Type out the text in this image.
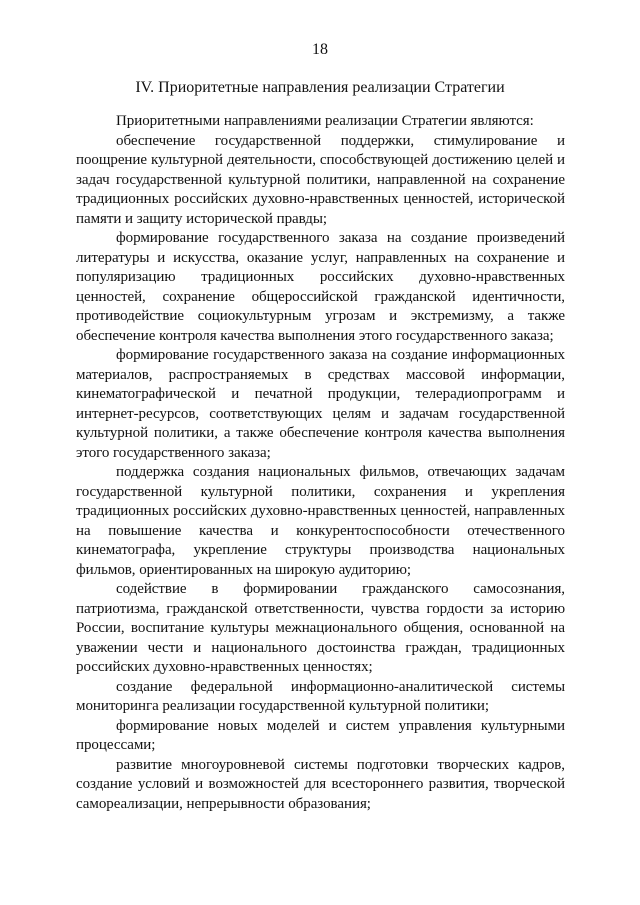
18
IV. Приоритетные направления реализации Стратегии

Приоритетными направлениями реализации Стратегии являются:

обеспечение государственной поддержки, стимулирование и поощрение культурной деятельности, способствующей достижению целей и задач государственной культурной политики, направленной на сохранение традиционных российских духовно-нравственных ценностей, исторической памяти и защиту исторической правды;

формирование государственного заказа на создание произведений литературы и искусства, оказание услуг, направленных на сохранение и популяризацию традиционных российских духовно-нравственных ценностей, сохранение общероссийской гражданской идентичности, противодействие социокультурным угрозам и экстремизму, а также обеспечение контроля качества выполнения этого государственного заказа;

формирование государственного заказа на создание информационных материалов, распространяемых в средствах массовой информации, кинематографической и печатной продукции, телерадиопрограмм и интернет-ресурсов, соответствующих целям и задачам государственной культурной политики, а также обеспечение контроля качества выполнения этого государственного заказа;

поддержка создания национальных фильмов, отвечающих задачам государственной культурной политики, сохранения и укрепления традиционных российских духовно-нравственных ценностей, направленных на повышение качества и конкурентоспособности отечественного кинематографа, укрепление структуры производства национальных фильмов, ориентированных на широкую аудиторию;

содействие в формировании гражданского самосознания, патриотизма, гражданской ответственности, чувства гордости за историю России, воспитание культуры межнационального общения, основанной на уважении чести и национального достоинства граждан, традиционных российских духовно-нравственных ценностях;

создание федеральной информационно-аналитической системы мониторинга реализации государственной культурной политики;

формирование новых моделей и систем управления культурными процессами;

развитие многоуровневой системы подготовки творческих кадров, создание условий и возможностей для всестороннего развития, творческой самореализации, непрерывности образования;
